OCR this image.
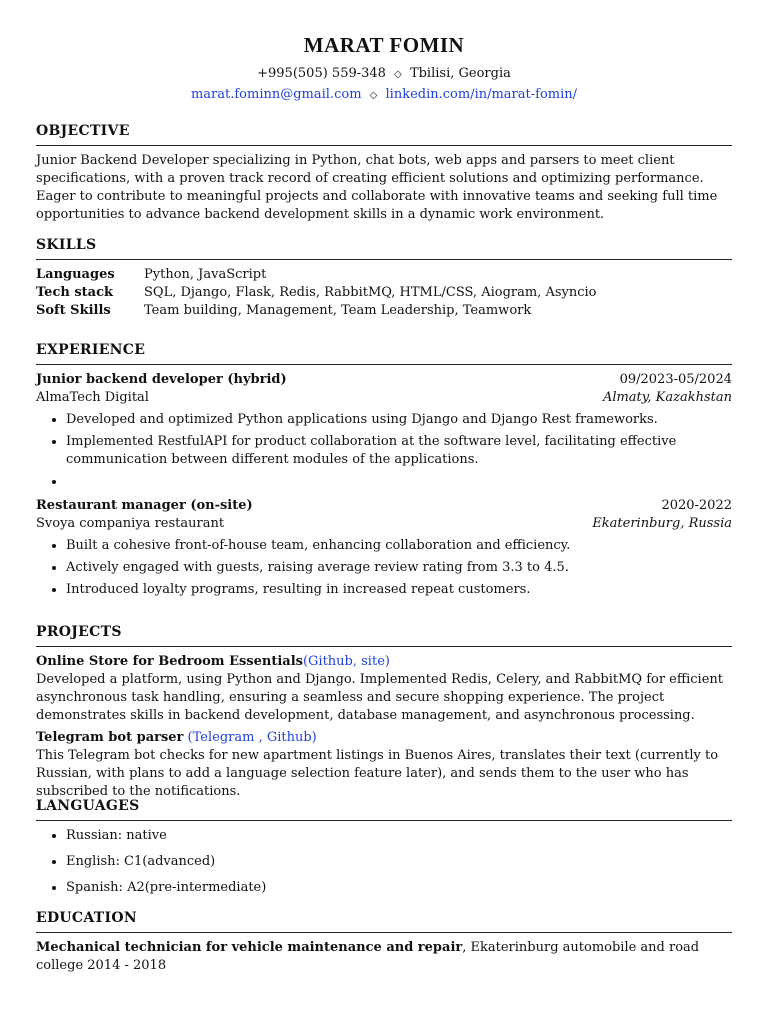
MARAT FOMIN
+995(505) 559-348 ◇ Tbilisi, Georgia
marat.fominn@gmail.com ◇ linkedin.com/in/marat-fomin/
OBJECTIVE

Junior Backend Developer specializing in Python, chat bots, web apps and parsers to meet client specifications, with a proven track record of creating efficient solutions and optimizing performance.

Eager to contribute to meaningful projects and collaborate with innovative teams and seeking full time opportunities to advance backend development skills in a dynamic work environment.

SKILLS
Languages	Python, JavaScript
Tech stack	SQL, Django, Flask, Redis, RabbitMQ, HTML/CSS, Aiogram, Asyncio
Soft Skills	Team building, Management, Team Leadership, Teamwork
EXPERIENCE
Junior backend developer (hybrid)	09/2023-05/2024
AlmaTech Digital	Almaty, Kazakhstan
• Developed and optimized Python applications using Django and Django Rest frameworks.
• Implemented RestfulAPI for product collaboration at the software level, facilitating effective communication between different modules of the applications.
•
Restaurant manager (on-site)	2020-2022
Svoya companiya restaurant	Ekaterinburg, Russia
• Built a cohesive front-of-house team, enhancing collaboration and efficiency.
• Actively engaged with guests, raising average review rating from 3.3 to 4.5.
• Introduced loyalty programs, resulting in increased repeat customers.
PROJECTS
Online Store for Bedroom Essentials(Github, site)

Developed a platform, using Python and Django. Implemented Redis, Celery, and RabbitMQ for efficient asynchronous task handling, ensuring a seamless and secure shopping experience. The project demonstrates skills in backend development, database management, and asynchronous processing.

Telegram bot parser (Telegram , Github)

This Telegram bot checks for new apartment listings in Buenos Aires, translates their text (currently to Russian, with plans to add a language selection feature later), and sends them to the user who has subscribed to the notifications.

LANGUAGES
• Russian: native
• English: C1(advanced)
• Spanish: A2(pre-intermediate)
EDUCATION

Mechanical technician for vehicle maintenance and repair, Ekaterinburg automobile and road college 2014 - 2018
